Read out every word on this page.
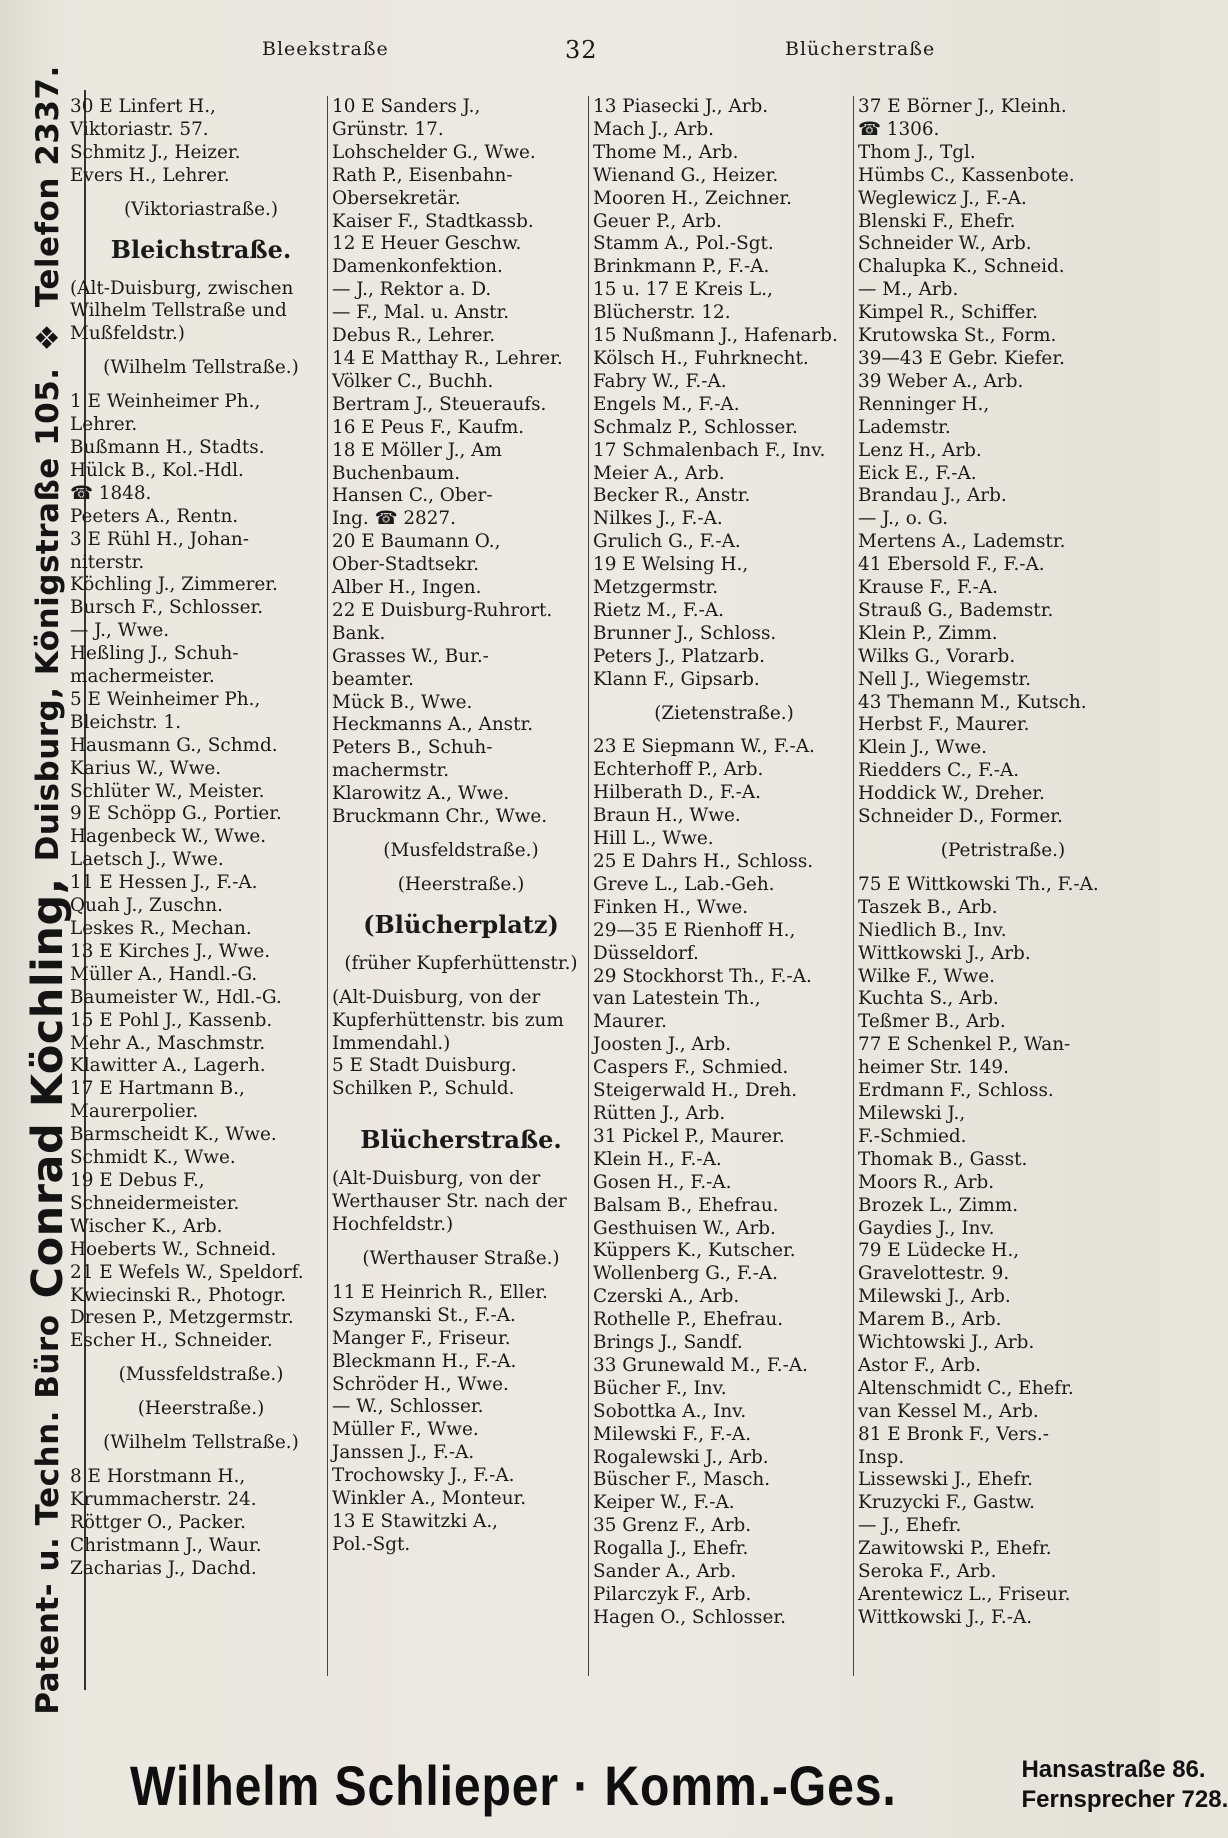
Patent- u. Techn. Büro
Conrad Köchling,
Duisburg, Königstraße 105.
❖
Telefon 2337.
Bleekstraße	32	Blücherstraße
30 E Linfert H.,
Viktoriastr. 57.
Schmitz J., Heizer.
Evers H., Lehrer.

(Viktoriastraße.)

Bleichstraße.

(Alt-Duisburg, zwischen
Wilhelm Tellstraße und
Mußfeldstr.)

(Wilhelm Tellstraße.)

1 E Weinheimer Ph.,
Lehrer.
Bußmann H., Stadts.
Hülck B., Kol.-Hdl.
☎ 1848.
Peeters A., Rentn.
3 E Rühl H., Johan-
niterstr.
Köchling J., Zimmerer.
Bursch F., Schlosser.
— J., Wwe.
Heßling J., Schuh-
machermeister.
5 E Weinheimer Ph.,
Bleichstr. 1.
Hausmann G., Schmd.
Karius W., Wwe.
Schlüter W., Meister.
9 E Schöpp G., Portier.
Hagenbeck W., Wwe.
Laetsch J., Wwe.
11 E Hessen J., F.-A.
Quah J., Zuschn.
Leskes R., Mechan.
13 E Kirches J., Wwe.
Müller A., Handl.-G.
Baumeister W., Hdl.-G.
15 E Pohl J., Kassenb.
Mehr A., Maschmstr.
Klawitter A., Lagerh.
17 E Hartmann B.,
Maurerpolier.
Barmscheidt K., Wwe.
Schmidt K., Wwe.
19 E Debus F.,
Schneidermeister.
Wischer K., Arb.
Hoeberts W., Schneid.
21 E Wefels W., Speldorf.
Kwiecinski R., Photogr.
Dresen P., Metzgermstr.
Escher H., Schneider.

(Mussfeldstraße.)

(Heerstraße.)

(Wilhelm Tellstraße.)

8 E Horstmann H.,
Krummacherstr. 24.
Röttger O., Packer.
Christmann J., Waur.
Zacharias J., Dachd.
10 E Sanders J.,
Grünstr. 17.
Lohschelder G., Wwe.
Rath P., Eisenbahn-
Obersekretär.
Kaiser F., Stadtkassb.
12 E Heuer Geschw.
Damenkonfektion.
— J., Rektor a. D.
— F., Mal. u. Anstr.
Debus R., Lehrer.
14 E Matthay R., Lehrer.
Völker C., Buchh.
Bertram J., Steueraufs.
16 E Peus F., Kaufm.
18 E Möller J., Am
Buchenbaum.
Hansen C., Ober-
Ing. ☎ 2827.
20 E Baumann O.,
Ober-Stadtsekr.
Alber H., Ingen.
22 E Duisburg-Ruhrort.
Bank.
Grasses W., Bur.-
beamter.
Mück B., Wwe.
Heckmanns A., Anstr.
Peters B., Schuh-
machermstr.
Klarowitz A., Wwe.
Bruckmann Chr., Wwe.

(Musfeldstraße.)

(Heerstraße.)

(Blücherplatz)

(früher Kupferhüttenstr.)

(Alt-Duisburg, von der
Kupferhüttenstr. bis zum
Immendahl.)
5 E Stadt Duisburg.
Schilken P., Schuld.

Blücherstraße.

(Alt-Duisburg, von der
Werthauser Str. nach der
Hochfeldstr.)

(Werthauser Straße.)

11 E Heinrich R., Eller.
Szymanski St., F.-A.
Manger F., Friseur.
Bleckmann H., F.-A.
Schröder H., Wwe.
— W., Schlosser.
Müller F., Wwe.
Janssen J., F.-A.
Trochowsky J., F.-A.
Winkler A., Monteur.
13 E Stawitzki A.,
Pol.-Sgt.
13 Piasecki J., Arb.
Mach J., Arb.
Thome M., Arb.
Wienand G., Heizer.
Mooren H., Zeichner.
Geuer P., Arb.
Stamm A., Pol.-Sgt.
Brinkmann P., F.-A.
15 u. 17 E Kreis L.,
Blücherstr. 12.
15 Nußmann J., Hafenarb.
Kölsch H., Fuhrknecht.
Fabry W., F.-A.
Engels M., F.-A.
Schmalz P., Schlosser.
17 Schmalenbach F., Inv.
Meier A., Arb.
Becker R., Anstr.
Nilkes J., F.-A.
Grulich G., F.-A.
19 E Welsing H.,
Metzgermstr.
Rietz M., F.-A.
Brunner J., Schloss.
Peters J., Platzarb.
Klann F., Gipsarb.

(Zietenstraße.)

23 E Siepmann W., F.-A.
Echterhoff P., Arb.
Hilberath D., F.-A.
Braun H., Wwe.
Hill L., Wwe.
25 E Dahrs H., Schloss.
Greve L., Lab.-Geh.
Finken H., Wwe.
29—35 E Rienhoff H.,
Düsseldorf.
29 Stockhorst Th., F.-A.
van Latestein Th.,
Maurer.
Joosten J., Arb.
Caspers F., Schmied.
Steigerwald H., Dreh.
Rütten J., Arb.
31 Pickel P., Maurer.
Klein H., F.-A.
Gosen H., F.-A.
Balsam B., Ehefrau.
Gesthuisen W., Arb.
Küppers K., Kutscher.
Wollenberg G., F.-A.
Czerski A., Arb.
Rothelle P., Ehefrau.
Brings J., Sandf.
33 Grunewald M., F.-A.
Bücher F., Inv.
Sobottka A., Inv.
Milewski F., F.-A.
Rogalewski J., Arb.
Büscher F., Masch.
Keiper W., F.-A.
35 Grenz F., Arb.
Rogalla J., Ehefr.
Sander A., Arb.
Pilarczyk F., Arb.
Hagen O., Schlosser.
37 E Börner J., Kleinh.
☎ 1306.
Thom J., Tgl.
Hümbs C., Kassenbote.
Weglewicz J., F.-A.
Blenski F., Ehefr.
Schneider W., Arb.
Chalupka K., Schneid.
— M., Arb.
Kimpel R., Schiffer.
Krutowska St., Form.
39—43 E Gebr. Kiefer.
39 Weber A., Arb.
Renninger H.,
Lademstr.
Lenz H., Arb.
Eick E., F.-A.
Brandau J., Arb.
— J., o. G.
Mertens A., Lademstr.
41 Ebersold F., F.-A.
Krause F., F.-A.
Strauß G., Bademstr.
Klein P., Zimm.
Wilks G., Vorarb.
Nell J., Wiegemstr.
43 Themann M., Kutsch.
Herbst F., Maurer.
Klein J., Wwe.
Riedders C., F.-A.
Hoddick W., Dreher.
Schneider D., Former.

(Petristraße.)

75 E Wittkowski Th., F.-A.
Taszek B., Arb.
Niedlich B., Inv.
Wittkowski J., Arb.
Wilke F., Wwe.
Kuchta S., Arb.
Teßmer B., Arb.
77 E Schenkel P., Wan-
heimer Str. 149.
Erdmann F., Schloss.
Milewski J.,
F.-Schmied.
Thomak B., Gasst.
Moors R., Arb.
Brozek L., Zimm.
Gaydies J., Inv.
79 E Lüdecke H.,
Gravelottestr. 9.
Milewski J., Arb.
Marem B., Arb.
Wichtowski J., Arb.
Astor F., Arb.
Altenschmidt C., Ehefr.
van Kessel M., Arb.
81 E Bronk F., Vers.-
Insp.
Lissewski J., Ehefr.
Kruzycki F., Gastw.
— J., Ehefr.
Zawitowski P., Ehefr.
Seroka F., Arb.
Arentewicz L., Friseur.
Wittkowski J., F.-A.
Wilhelm Schlieper · Komm.-Ges.	Hansastraße 86.
Fernsprecher 728.
